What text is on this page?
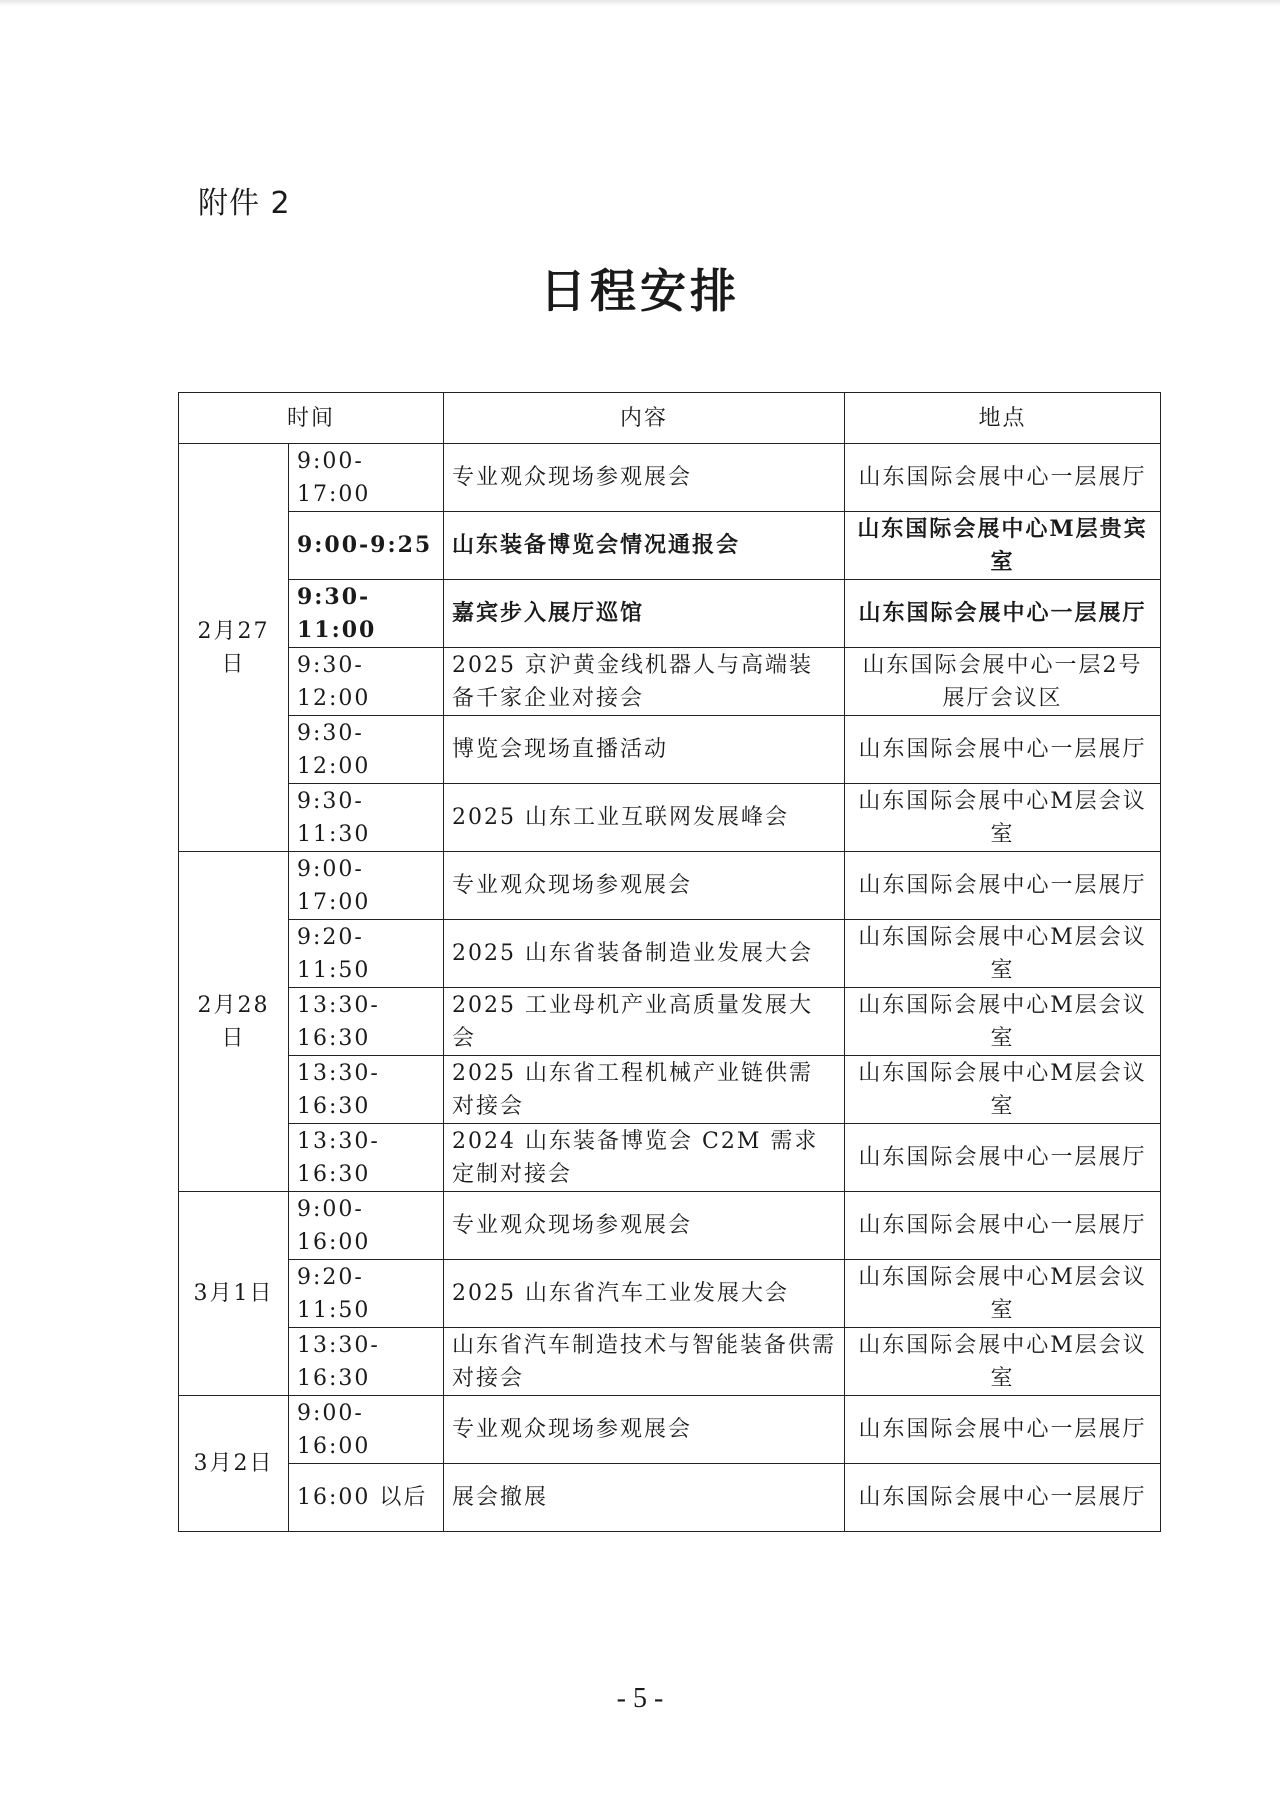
附件 2
日程安排
时间		内容	地点
2月27日	9:00-17:00	专业观众现场参观展会	山东国际会展中心一层展厅
	9:00-9:25	山东装备博览会情况通报会	山东国际会展中心M层贵宾室
	9:30-11:00	嘉宾步入展厅巡馆	山东国际会展中心一层展厅
	9:30-12:00	2025 京沪黄金线机器人与高端装备千家企业对接会	山东国际会展中心一层2号展厅会议区
	9:30-12:00	博览会现场直播活动	山东国际会展中心一层展厅
	9:30-11:30	2025 山东工业互联网发展峰会	山东国际会展中心M层会议室
2月28日	9:00-17:00	专业观众现场参观展会	山东国际会展中心一层展厅
	9:20-11:50	2025 山东省装备制造业发展大会	山东国际会展中心M层会议室
	13:30-16:30	2025 工业母机产业高质量发展大会	山东国际会展中心M层会议室
	13:30-16:30	2025 山东省工程机械产业链供需对接会	山东国际会展中心M层会议室
	13:30-16:30	2024 山东装备博览会 C2M 需求定制对接会	山东国际会展中心一层展厅
3月1日	9:00-16:00	专业观众现场参观展会	山东国际会展中心一层展厅
	9:20-11:50	2025 山东省汽车工业发展大会	山东国际会展中心M层会议室
	13:30-16:30	山东省汽车制造技术与智能装备供需对接会	山东国际会展中心M层会议室
3月2日	9:00-16:00	专业观众现场参观展会	山东国际会展中心一层展厅
	16:00 以后	展会撤展	山东国际会展中心一层展厅
- 5 -
